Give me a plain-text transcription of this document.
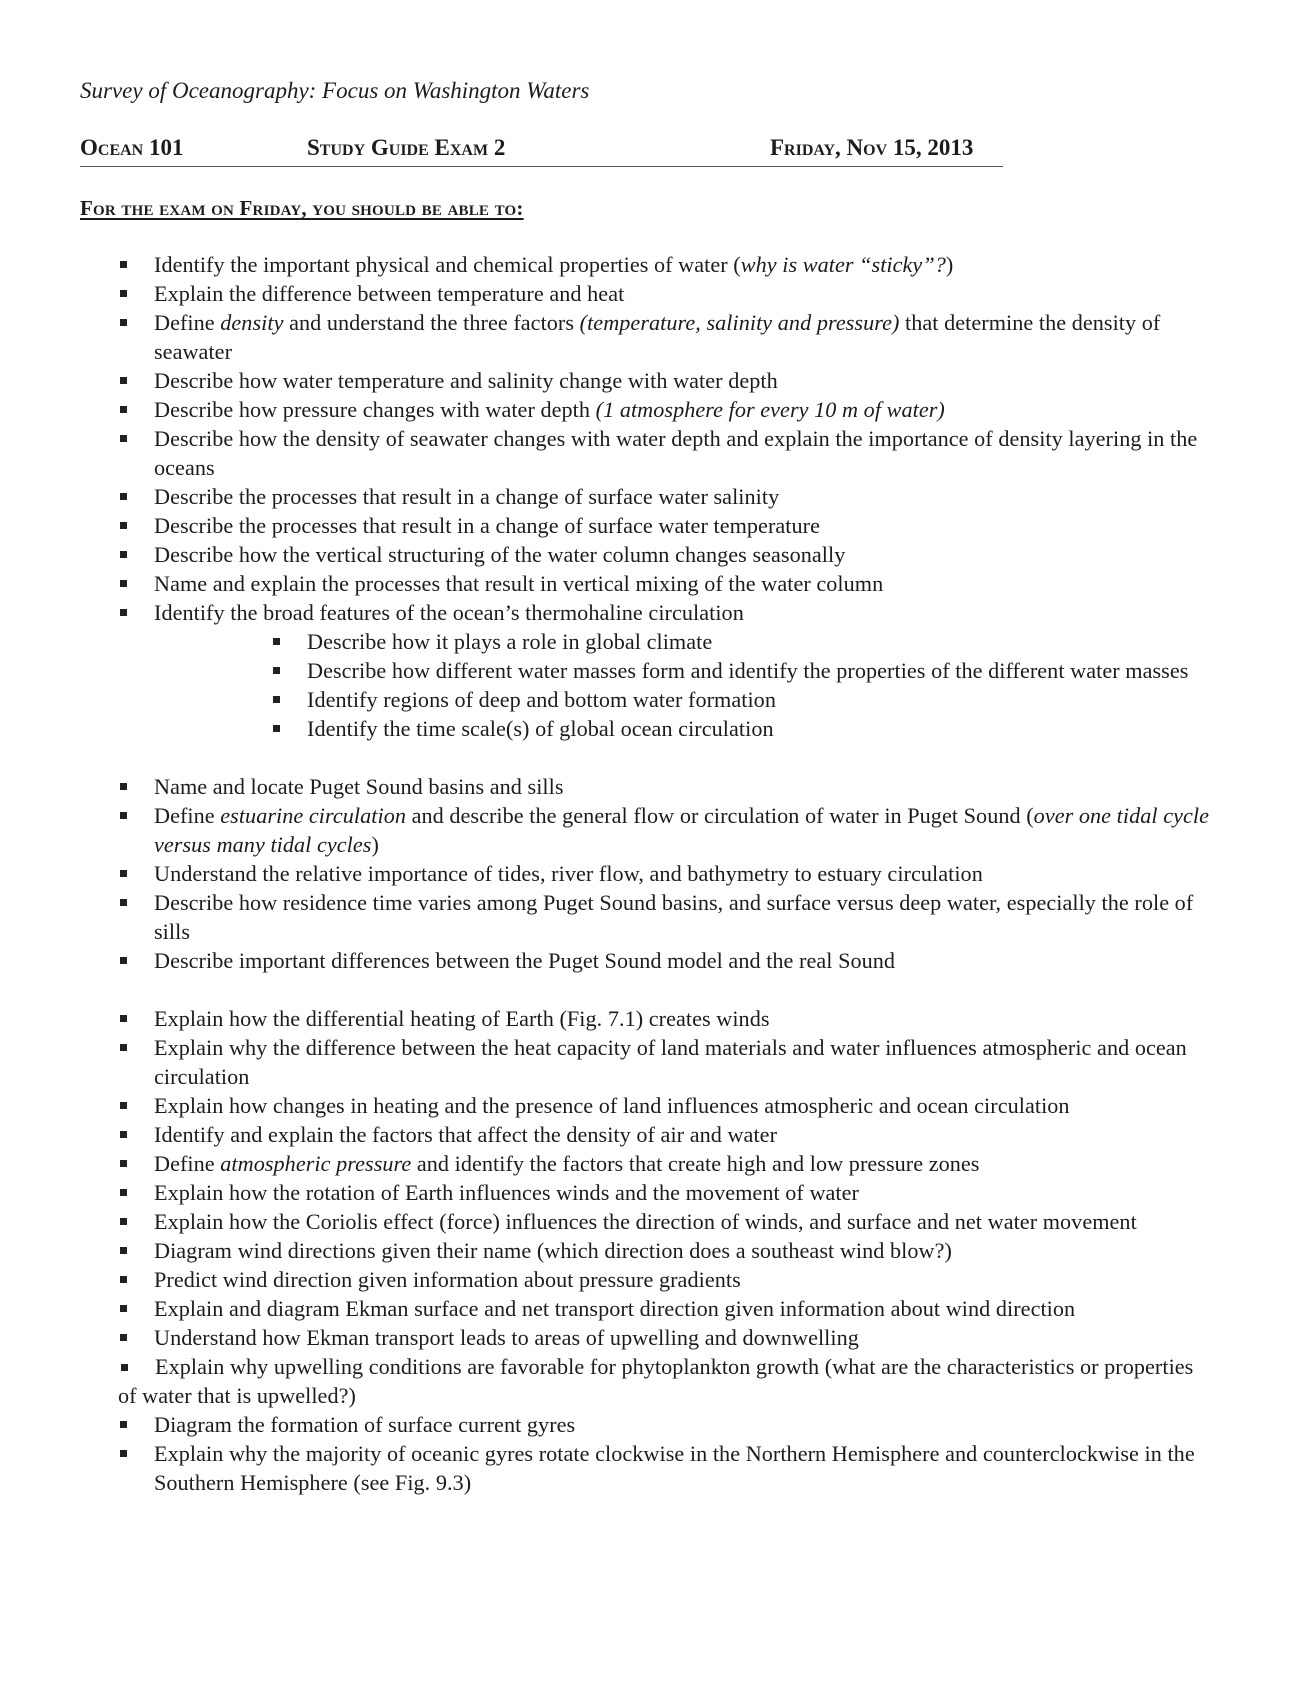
Survey of Oceanography: Focus on Washington Waters
Ocean 101	Study Guide Exam 2	Friday, Nov 15, 2013
For the exam on Friday, you should be able to:
Identify the important physical and chemical properties of water (why is water “sticky”?)
Explain the difference between temperature and heat
Define density and understand the three factors (temperature, salinity and pressure) that determine the density of seawater
Describe how water temperature and salinity change with water depth
Describe how pressure changes with water depth (1 atmosphere for every 10 m of water)
Describe how the density of seawater changes with water depth and explain the importance of density layering in the oceans
Describe the processes that result in a change of surface water salinity
Describe the processes that result in a change of surface water temperature
Describe how the vertical structuring of the water column changes seasonally
Name and explain the processes that result in vertical mixing of the water column
Identify the broad features of the ocean’s thermohaline circulation
Describe how it plays a role in global climate
Describe how different water masses form and identify the properties of the different water masses
Identify regions of deep and bottom water formation
Identify the time scale(s) of global ocean circulation
Name and locate Puget Sound basins and sills
Define estuarine circulation and describe the general flow or circulation of water in Puget Sound (over one tidal cycle versus many tidal cycles)
Understand the relative importance of tides, river flow, and bathymetry to estuary circulation
Describe how residence time varies among Puget Sound basins, and surface versus deep water, especially the role of sills
Describe important differences between the Puget Sound model and the real Sound
Explain how the differential heating of Earth (Fig. 7.1) creates winds
Explain why the difference between the heat capacity of land materials and water influences atmospheric and ocean circulation
Explain how changes in heating and the presence of land influences atmospheric and ocean circulation
Identify and explain the factors that affect the density of air and water
Define atmospheric pressure and identify the factors that create high and low pressure zones
Explain how the rotation of Earth influences winds and the movement of water
Explain how the Coriolis effect (force) influences the direction of winds, and surface and net water movement
Diagram wind directions given their name (which direction does a southeast wind blow?)
Predict wind direction given information about pressure gradients
Explain and diagram Ekman surface and net transport direction given information about wind direction
Understand how Ekman transport leads to areas of upwelling and downwelling
Explain why upwelling conditions are favorable for phytoplankton growth (what are the characteristics or properties of water that is upwelled?)
Diagram the formation of surface current gyres
Explain why the majority of oceanic gyres rotate clockwise in the Northern Hemisphere and counterclockwise in the Southern Hemisphere (see Fig. 9.3)
